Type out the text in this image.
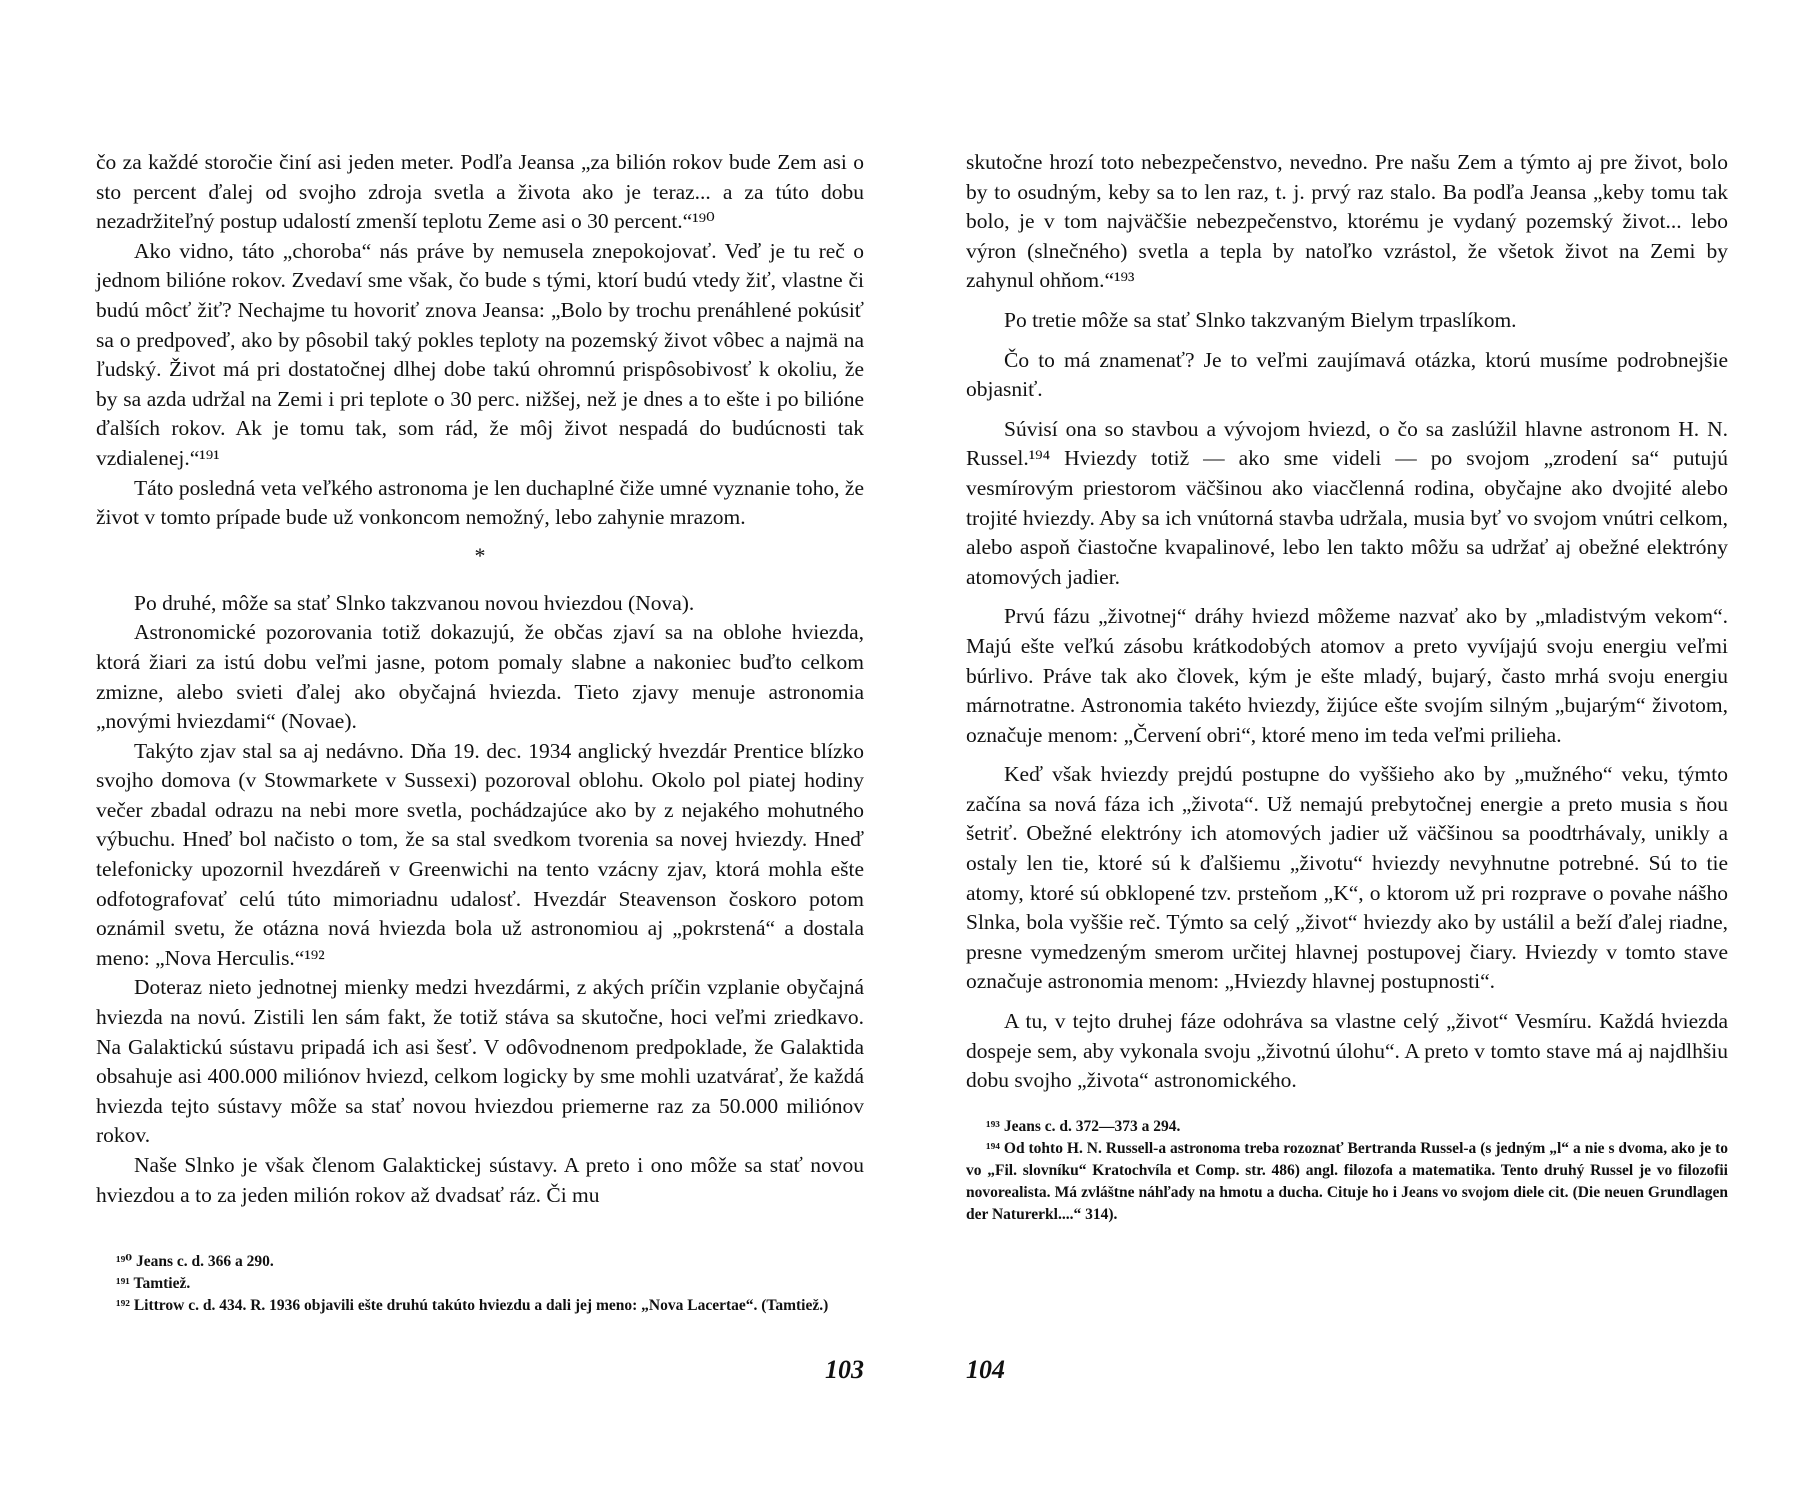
čo za každé storočie činí asi jeden meter. Podľa Jeansa „za bilión rokov bude Zem asi o sto percent ďalej od svojho zdroja svetla a života ako je teraz... a za túto dobu nezadržiteľný postup udalostí zmenší teplotu Zeme asi o 30 percent.“¹⁹⁰

Ako vidno, táto „choroba“ nás práve by nemusela znepokojovať. Veď je tu reč o jednom bilióne rokov. Zvedaví sme však, čo bude s tými, ktorí budú vtedy žiť, vlastne či budú môcť žiť? Nechajme tu hovoriť znova Jeansa: „Bolo by trochu prenáhlené pokúsiť sa o predpoveď, ako by pôsobil taký pokles teploty na pozemský život vôbec a najmä na ľudský. Život má pri dostatočnej dlhej dobe takú ohromnú prispôsobivosť k okoliu, že by sa azda udržal na Zemi i pri teplote o 30 perc. nižšej, než je dnes a to ešte i po bilióne ďalších rokov. Ak je tomu tak, som rád, že môj život nespadá do budúcnosti tak vzdialenej.“¹⁹¹

Táto posledná veta veľkého astronoma je len duchaplné čiže umné vyznanie toho, že život v tomto prípade bude už vonkoncom nemožný, lebo zahynie mrazom.

*

Po druhé, môže sa stať Slnko takzvanou novou hviezdou (Nova).

Astronomické pozorovania totiž dokazujú, že občas zjaví sa na oblohe hviezda, ktorá žiari za istú dobu veľmi jasne, potom pomaly slabne a nakoniec buďto celkom zmizne, alebo svieti ďalej ako obyčajná hviezda. Tieto zjavy menuje astronomia „novými hviezdami“ (Novae).

Takýto zjav stal sa aj nedávno. Dňa 19. dec. 1934 anglický hvezdár Prentice blízko svojho domova (v Stowmarkete v Sussexi) pozoroval oblohu. Okolo pol piatej hodiny večer zbadal odrazu na nebi more svetla, pochádzajúce ako by z nejakého mohutného výbuchu. Hneď bol načisto o tom, že sa stal svedkom tvorenia sa novej hviezdy. Hneď telefonicky upozornil hvezdáreň v Greenwichi na tento vzácny zjav, ktorá mohla ešte odfotografovať celú túto mimoriadnu udalosť. Hvezdár Steavenson čoskoro potom oznámil svetu, že otázna nová hviezda bola už astronomiou aj „pokrstená“ a dostala meno: „Nova Herculis.“¹⁹²

Doteraz nieto jednotnej mienky medzi hvezdármi, z akých príčin vzplanie obyčajná hviezda na novú. Zistili len sám fakt, že totiž stáva sa skutočne, hoci veľmi zriedkavo. Na Galaktickú sústavu pripadá ich asi šesť. V odôvodnenom predpoklade, že Galaktida obsahuje asi 400.000 miliónov hviezd, celkom logicky by sme mohli uzatvárať, že každá hviezda tejto sústavy môže sa stať novou hviezdou priemerne raz za 50.000 miliónov rokov.

Naše Slnko je však členom Galaktickej sústavy. A preto i ono môže sa stať novou hviezdou a to za jeden milión rokov až dvadsať ráz. Či mu

¹⁹⁰ Jeans c. d. 366 a 290.

¹⁹¹ Tamtiež.

¹⁹² Littrow c. d. 434. R. 1936 objavili ešte druhú takúto hviezdu a dali jej meno: „Nova Lacertae“. (Tamtiež.)

103

skutočne hrozí toto nebezpečenstvo, nevedno. Pre našu Zem a týmto aj pre život, bolo by to osudným, keby sa to len raz, t. j. prvý raz stalo. Ba podľa Jeansa „keby tomu tak bolo, je v tom najväčšie nebezpečenstvo, ktorému je vydaný pozemský život... lebo výron (slnečného) svetla a tepla by natoľko vzrástol, že všetok život na Zemi by zahynul ohňom.“¹⁹³

Po tretie môže sa stať Slnko takzvaným Bielym trpaslíkom.

Čo to má znamenať? Je to veľmi zaujímavá otázka, ktorú musíme podrobnejšie objasniť.

Súvisí ona so stavbou a vývojom hviezd, o čo sa zaslúžil hlavne astronom H. N. Russel.¹⁹⁴ Hviezdy totiž — ako sme videli — po svojom „zrodení sa“ putujú vesmírovým priestorom väčšinou ako viacčlenná rodina, obyčajne ako dvojité alebo trojité hviezdy. Aby sa ich vnútorná stavba udržala, musia byť vo svojom vnútri celkom, alebo aspoň čiastočne kvapalinové, lebo len takto môžu sa udržať aj obežné elektróny atomových jadier.

Prvú fázu „životnej“ dráhy hviezd môžeme nazvať ako by „mladistvým vekom“. Majú ešte veľkú zásobu krátkodobých atomov a preto vyvíjajú svoju energiu veľmi búrlivo. Práve tak ako človek, kým je ešte mladý, bujarý, často mrhá svoju energiu márnotratne. Astronomia takéto hviezdy, žijúce ešte svojím silným „bujarým“ životom, označuje menom: „Červení obri“, ktoré meno im teda veľmi prilieha.

Keď však hviezdy prejdú postupne do vyššieho ako by „mužného“ veku, týmto začína sa nová fáza ich „života“. Už nemajú prebytočnej energie a preto musia s ňou šetriť. Obežné elektróny ich atomových jadier už väčšinou sa poodtrhávaly, unikly a ostaly len tie, ktoré sú k ďalšiemu „životu“ hviezdy nevyhnutne potrebné. Sú to tie atomy, ktoré sú obklopené tzv. prsteňom „K“, o ktorom už pri rozprave o povahe nášho Slnka, bola vyššie reč. Týmto sa celý „život“ hviezdy ako by ustálil a beží ďalej riadne, presne vymedzeným smerom určitej hlavnej postupovej čiary. Hviezdy v tomto stave označuje astronomia menom: „Hviezdy hlavnej postupnosti“.

A tu, v tejto druhej fáze odohráva sa vlastne celý „život“ Vesmíru. Každá hviezda dospeje sem, aby vykonala svoju „životnú úlohu“. A preto v tomto stave má aj najdlhšiu dobu svojho „života“ astronomického.

¹⁹³ Jeans c. d. 372—373 a 294.

¹⁹⁴ Od tohto H. N. Russell-a astronoma treba rozoznať Bertranda Russel-a (s jedným „l“ a nie s dvoma, ako je to vo „Fil. slovníku“ Kratochvíla et Comp. str. 486) angl. filozofa a matematika. Tento druhý Russel je vo filozofii novorealista. Má zvláštne náhľady na hmotu a ducha. Cituje ho i Jeans vo svojom diele cit. (Die neuen Grundlagen der Naturerkl....“ 314).

104
